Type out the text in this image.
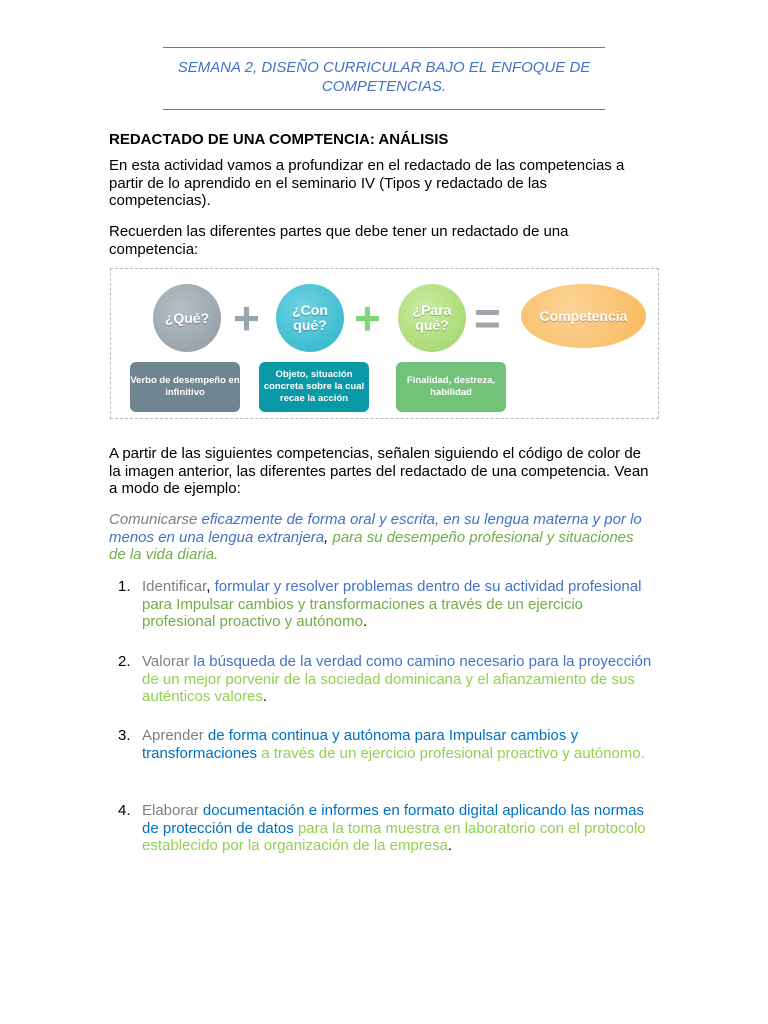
SEMANA 2, DISEÑO CURRICULAR BAJO EL ENFOQUE DE COMPETENCIAS.
REDACTADO DE UNA COMPTENCIA: ANÁLISIS
En esta actividad vamos a profundizar en el redactado de las competencias a partir de lo aprendido en el seminario IV (Tipos y redactado de las competencias).
Recuerden las diferentes partes que debe tener un redactado de una competencia:
¿Qué? +	¿Con qué? +	¿Para qué? =	Competencia
Verbo de desempeño en infinitivo
Objeto, situación concreta sobre la cual recae la acción
Finalidad, destreza, habilidad
A partir de las siguientes competencias, señalen siguiendo el código de color de la imagen anterior, las diferentes partes del redactado de una competencia. Vean a modo de ejemplo:
Comunicarse eficazmente de forma oral y escrita, en su lengua materna y por lo menos en una lengua extranjera, para su desempeño profesional y situaciones de la vida diaria.
1. Identificar, formular y resolver problemas dentro de su actividad profesional para Impulsar cambios y transformaciones a través de un ejercicio profesional proactivo y autónomo.
2. Valorar la búsqueda de la verdad como camino necesario para la proyección de un mejor porvenir de la sociedad dominicana y el afianzamiento de sus auténticos valores.
3. Aprender de forma continua y autónoma para Impulsar cambios y transformaciones a través de un ejercicio profesional proactivo y autónomo.
4. Elaborar documentación e informes en formato digital aplicando las normas de protección de datos para la toma muestra en laboratorio con el protocolo establecido por la organización de la empresa.
